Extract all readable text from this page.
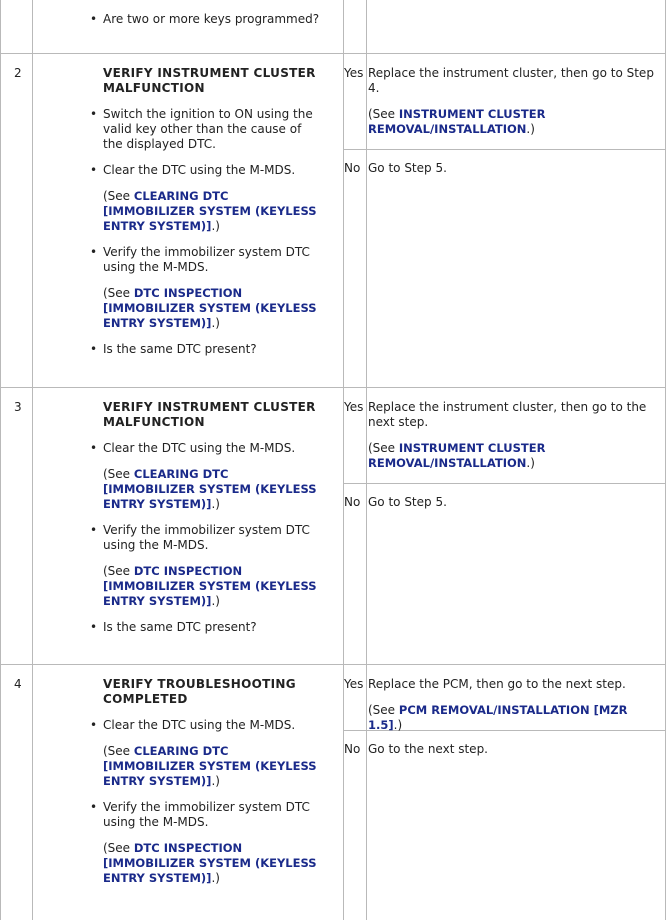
• Are two or more keys programmed?
2	VERIFY INSTRUMENT CLUSTER MALFUNCTION

• Switch the ignition to ON using the valid key other than the cause of the displayed DTC.
• Clear the DTC using the M-MDS.
(See CLEARING DTC [IMMOBILIZER SYSTEM (KEYLESS ENTRY SYSTEM)].)
• Verify the immobilizer system DTC using the M-MDS.
(See DTC INSPECTION [IMMOBILIZER SYSTEM (KEYLESS ENTRY SYSTEM)].)
• Is the same DTC present?
Yes Replace the instrument cluster, then go to Step 4.
(See INSTRUMENT CLUSTER REMOVAL/INSTALLATION.)
No Go to Step 5.
3	VERIFY INSTRUMENT CLUSTER MALFUNCTION

• Clear the DTC using the M-MDS.
(See CLEARING DTC [IMMOBILIZER SYSTEM (KEYLESS ENTRY SYSTEM)].)
• Verify the immobilizer system DTC using the M-MDS.
(See DTC INSPECTION [IMMOBILIZER SYSTEM (KEYLESS ENTRY SYSTEM)].)
• Is the same DTC present?
Yes Replace the instrument cluster, then go to the next step.
(See INSTRUMENT CLUSTER REMOVAL/INSTALLATION.)
No Go to Step 5.
4	VERIFY TROUBLESHOOTING COMPLETED

• Clear the DTC using the M-MDS.
(See CLEARING DTC [IMMOBILIZER SYSTEM (KEYLESS ENTRY SYSTEM)].)
• Verify the immobilizer system DTC using the M-MDS.
(See DTC INSPECTION [IMMOBILIZER SYSTEM (KEYLESS ENTRY SYSTEM)].)
Yes Replace the PCM, then go to the next step.
(See PCM REMOVAL/INSTALLATION [MZR 1.5].)
No Go to the next step.
